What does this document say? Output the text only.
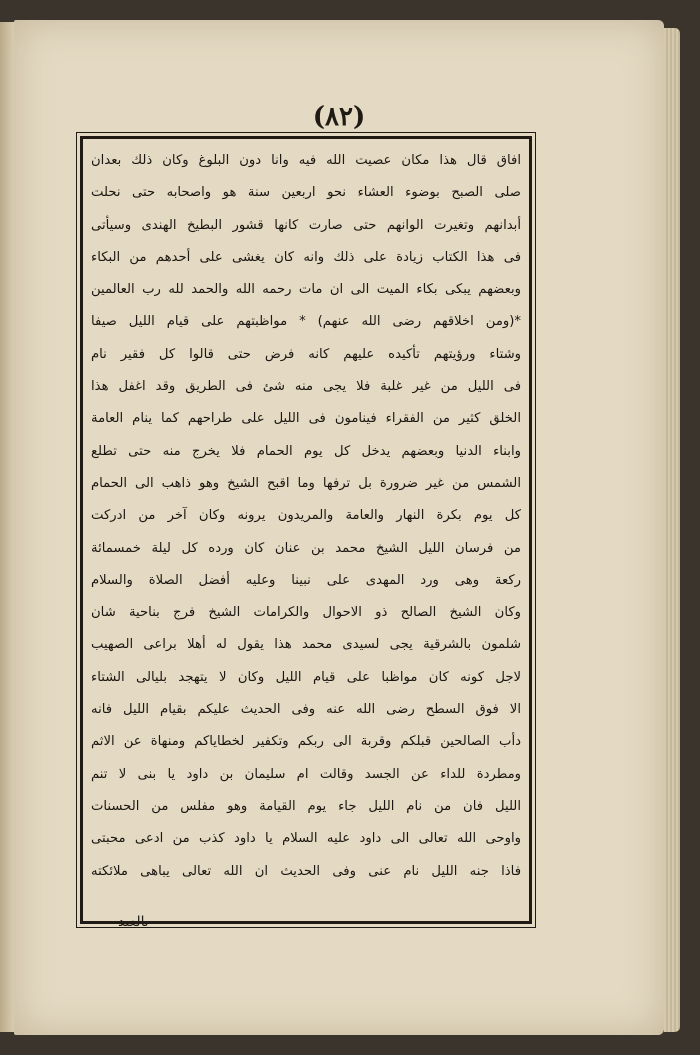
(٨٢)
افاق قال هذا مكان عصيت الله فيه وانا دون البلوغ وكان ذلك بعدان
صلى الصبح بوضوء العشاء نحو اربعين سنة هو واصحابه حتى نحلت
أبدانهم وتغيرت الوانهم حتى صارت كانها قشور البطيخ الهندى وسيأتى
فى هذا الكتاب زيادة على ذلك وانه كان يغشى على أحدهم من البكاء
وبعضهم يبكى بكاء الميت الى ان مات رحمه الله والحمد لله رب العالمين
*(ومن اخلاقهم رضى الله عنهم) * مواظبتهم على قيام الليل صيفا
وشتاء ورؤيتهم تأكيده عليهم كانه فرض حتى قالوا كل فقير نام
فى الليل من غير غلبة فلا يجى منه شئ فى الطريق وقد اغفل هذا
الخلق كثير من الفقراء فينامون فى الليل على طراحهم كما ينام العامة
وابناء الدنيا وبعضهم يدخل كل يوم الحمام فلا يخرج منه حتى تطلع
الشمس من غير ضرورة بل ترفها وما اقبح الشيخ وهو ذاهب الى الحمام
كل يوم بكرة النهار والعامة والمريدون يرونه وكان آخر من ادركت
من فرسان الليل الشيخ محمد بن عنان كان ورده كل ليلة خمسمائة
ركعة وهى ورد المهدى على نبينا وعليه أفضل الصلاة والسلام
وكان الشيخ الصالح ذو الاحوال والكرامات الشيخ فرج بناحية شان
شلمون بالشرقية يجى لسيدى محمد هذا يقول له أهلا براعى الصهيب
لاجل كونه كان مواظبا على قيام الليل وكان لا يتهجد بليالى الشتاء
الا فوق السطح رضى الله عنه وفى الحديث عليكم بقيام الليل فانه
دأب الصالحين قبلكم وقربة الى ربكم وتكفير لخطاياكم ومنهاة عن الاثم
ومطردة للداء عن الجسد وقالت ام سليمان بن داود يا بنى لا تنم
الليل فان من نام الليل جاء يوم القيامة وهو مفلس من الحسنات
واوحى الله تعالى الى داود عليه السلام يا داود كذب من ادعى محبتى
فاذا جنه الليل نام عنى وفى الحديث ان الله تعالى يباهى ملائكته
بالعبد
